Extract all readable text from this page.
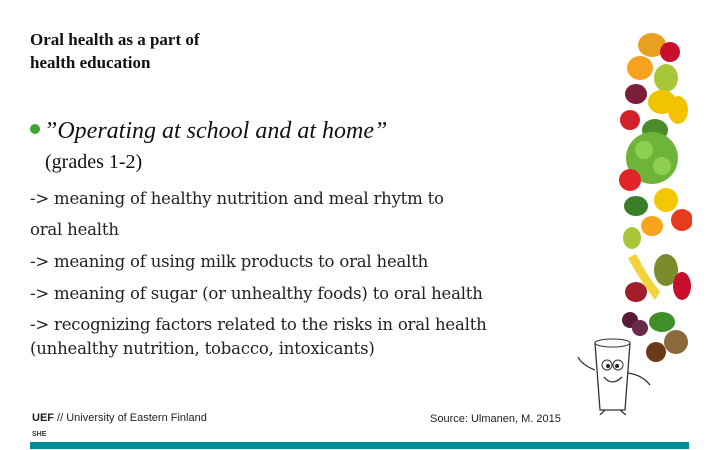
Oral health as a part of
health education
”Operating at school and at home”
(grades 1-2)
-> meaning of healthy nutrition and meal rhytm to
oral health
-> meaning of using milk products to oral health
-> meaning of sugar (or unhealthy foods) to oral health
-> recognizing factors related to the risks in oral health
(unhealthy nutrition, tobacco, intoxicants)
UEF // University of Eastern Finland
SHE
Source: Ulmanen, M. 2015
